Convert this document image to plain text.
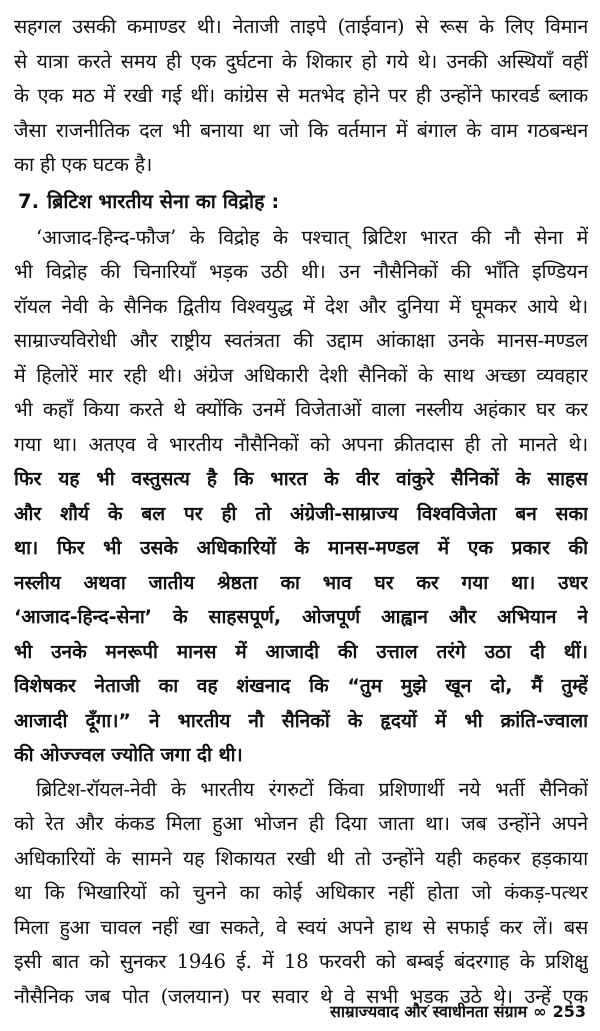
सहगल उसकी कमाण्डर थी। नेताजी ताइपे (ताईवान) से रूस के लिए विमान
से यात्रा करते समय ही एक दुर्घटना के शिकार हो गये थे। उनकी अस्थियाँ वहीं
के एक मठ में रखी गई थीं। कांग्रेस से मतभेद होने पर ही उन्होंने फारवर्ड ब्लाक
जैसा राजनीतिक दल भी बनाया था जो कि वर्तमान में बंगाल के वाम गठबन्धन
का ही एक घटक है।
7. ब्रिटिश भारतीय सेना का विद्रोह :
‘आजाद-हिन्द-फौज’ के विद्रोह के पश्चात् ब्रिटिश भारत की नौ सेना में
भी विद्रोह की चिनारियाँ भड़क उठी थी। उन नौसैनिकों की भाँति इण्डियन
रॉयल नेवी के सैनिक द्वितीय विश्वयुद्ध में देश और दुनिया में घूमकर आये थे।
साम्राज्यविरोधी और राष्ट्रीय स्वतंत्रता की उद्दाम आंकाक्षा उनके मानस-मण्डल
में हिलोरें मार रही थी। अंग्रेज अधिकारी देशी सैनिकों के साथ अच्छा व्यवहार
भी कहाँ किया करते थे क्योंकि उनमें विजेताओं वाला नस्लीय अहंकार घर कर
गया था। अतएव वे भारतीय नौसैनिकों को अपना क्रीतदास ही तो मानते थे।
फिर यह भी वस्तुसत्य है कि भारत के वीर वांकुरे सैनिकों के साहस
और शौर्य के बल पर ही तो अंग्रेजी-साम्राज्य विश्वविजेता बन सका
था। फिर भी उसके अधिकारियों के मानस-मण्डल में एक प्रकार की
नस्लीय अथवा जातीय श्रेष्ठता का भाव घर कर गया था। उधर
‘आजाद-हिन्द-सेना’ के साहसपूर्ण, ओजपूर्ण आह्वान और अभियान ने
भी उनके मनरूपी मानस में आजादी की उत्ताल तरंगे उठा दी थीं।
विशेषकर नेताजी का वह शंखनाद कि “तुम मुझे खून दो, मैं तुम्हें
आजादी दूँगा।” ने भारतीय नौ सैनिकों के हृदयों में भी क्रांति-ज्वाला
की ओज्ज्वल ज्योति जगा दी थी।
ब्रिटिश-रॉयल-नेवी के भारतीय रंगरुटों किंवा प्रशिणार्थी नये भर्ती सैनिकों
को रेत और कंकड मिला हुआ भोजन ही दिया जाता था। जब उन्होंने अपने
अधिकारियों के सामने यह शिकायत रखी थी तो उन्होंने यही कहकर हड़काया
था कि भिखारियों को चुनने का कोई अधिकार नहीं होता जो कंकड़-पत्थर
मिला हुआ चावल नहीं खा सकते, वे स्वयं अपने हाथ से सफाई कर लें। बस
इसी बात को सुनकर 1946 ई. में 18 फरवरी को बम्बई बंदरगाह के प्रशिक्षु
नौसैनिक जब पोत (जलयान) पर सवार थे वे सभी भड़क उठे थे। उन्हें एक
साम्राज्यवाद और स्वाधीनता संग्राम ∞ 253
